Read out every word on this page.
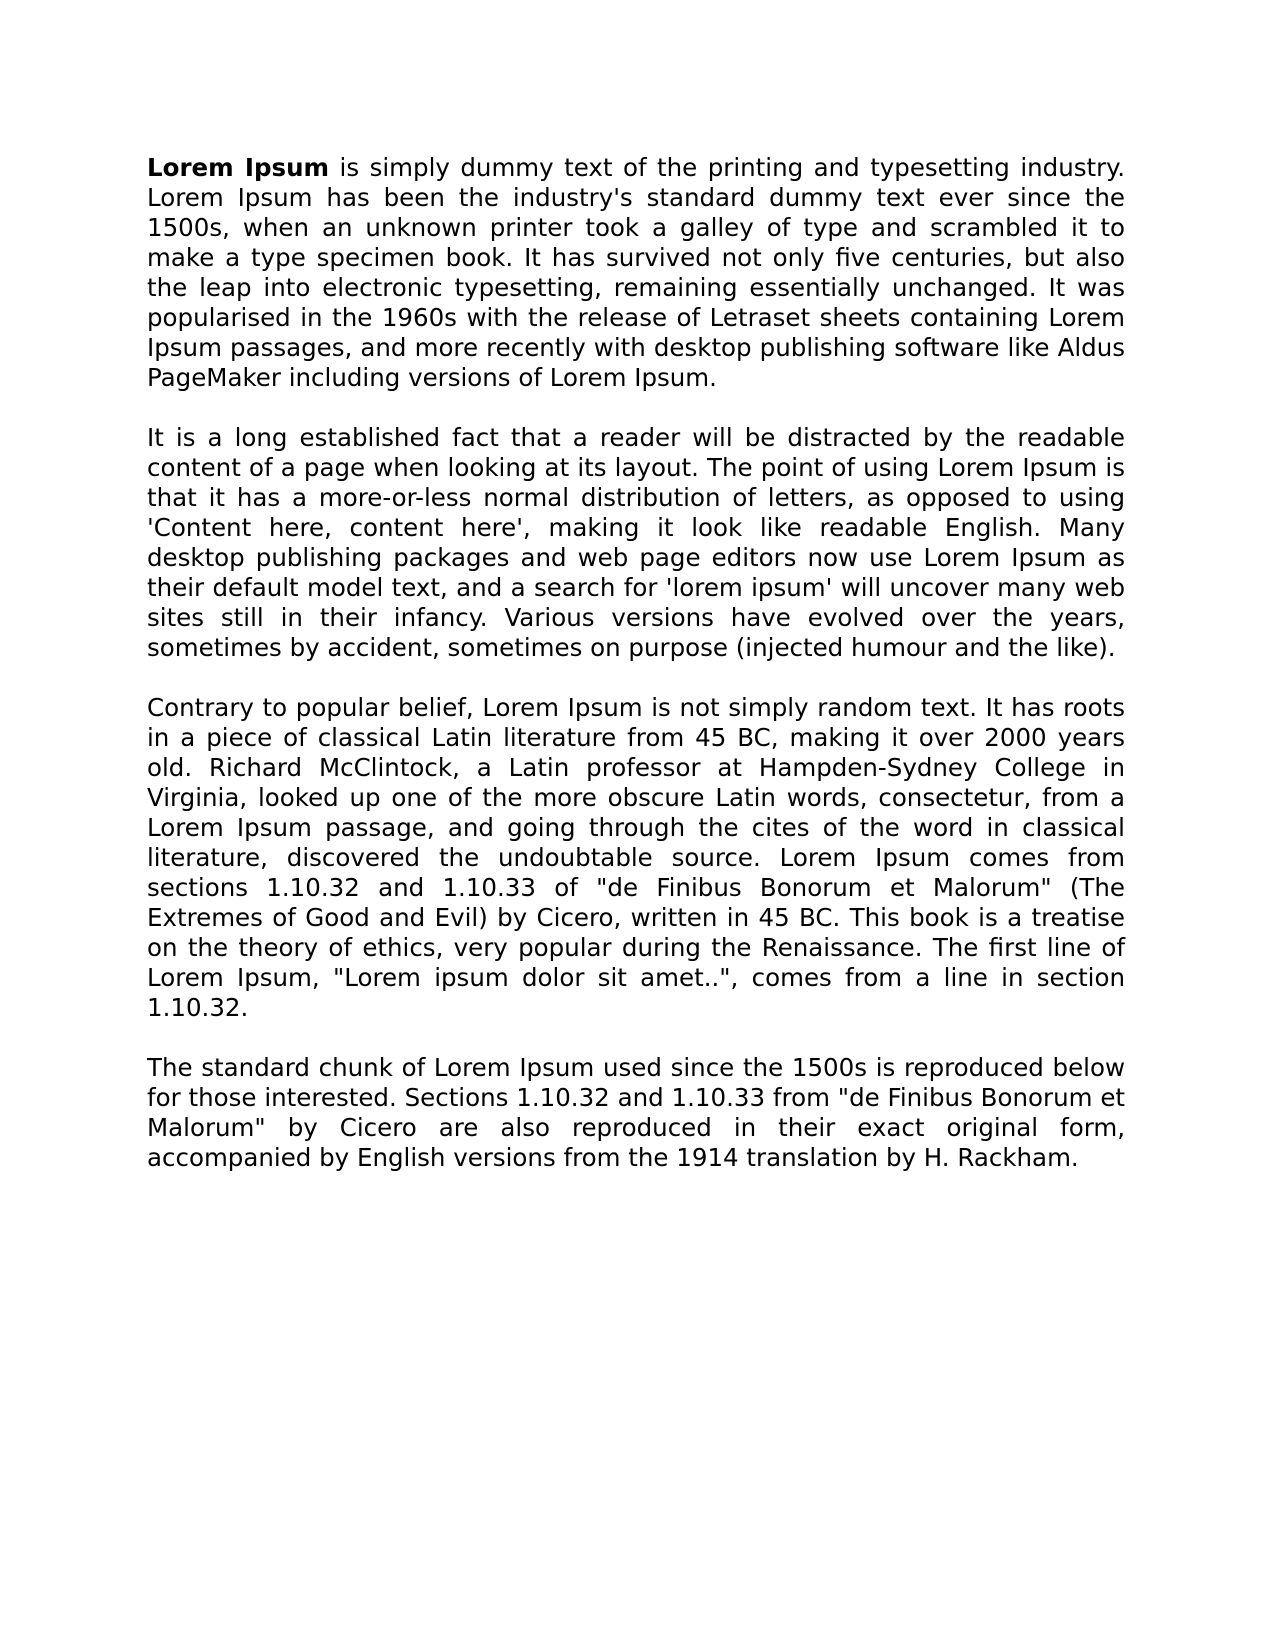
Lorem Ipsum is simply dummy text of the printing and typesetting industry. Lorem Ipsum has been the industry's standard dummy text ever since the 1500s, when an unknown printer took a galley of type and scrambled it to make a type specimen book. It has survived not only five centuries, but also the leap into electronic typesetting, remaining essentially unchanged. It was popularised in the 1960s with the release of Letraset sheets containing Lorem Ipsum passages, and more recently with desktop publishing software like Aldus PageMaker including versions of Lorem Ipsum.

It is a long established fact that a reader will be distracted by the readable content of a page when looking at its layout. The point of using Lorem Ipsum is that it has a more-or-less normal distribution of letters, as opposed to using 'Content here, content here', making it look like readable English. Many desktop publishing packages and web page editors now use Lorem Ipsum as their default model text, and a search for 'lorem ipsum' will uncover many web sites still in their infancy. Various versions have evolved over the years, sometimes by accident, sometimes on purpose (injected humour and the like).

Contrary to popular belief, Lorem Ipsum is not simply random text. It has roots in a piece of classical Latin literature from 45 BC, making it over 2000 years old. Richard McClintock, a Latin professor at Hampden-Sydney College in Virginia, looked up one of the more obscure Latin words, consectetur, from a Lorem Ipsum passage, and going through the cites of the word in classical literature, discovered the undoubtable source. Lorem Ipsum comes from sections 1.10.32 and 1.10.33 of "de Finibus Bonorum et Malorum" (The Extremes of Good and Evil) by Cicero, written in 45 BC. This book is a treatise on the theory of ethics, very popular during the Renaissance. The first line of Lorem Ipsum, "Lorem ipsum dolor sit amet..", comes from a line in section 1.10.32.

The standard chunk of Lorem Ipsum used since the 1500s is reproduced below for those interested. Sections 1.10.32 and 1.10.33 from "de Finibus Bonorum et Malorum" by Cicero are also reproduced in their exact original form, accompanied by English versions from the 1914 translation by H. Rackham.
